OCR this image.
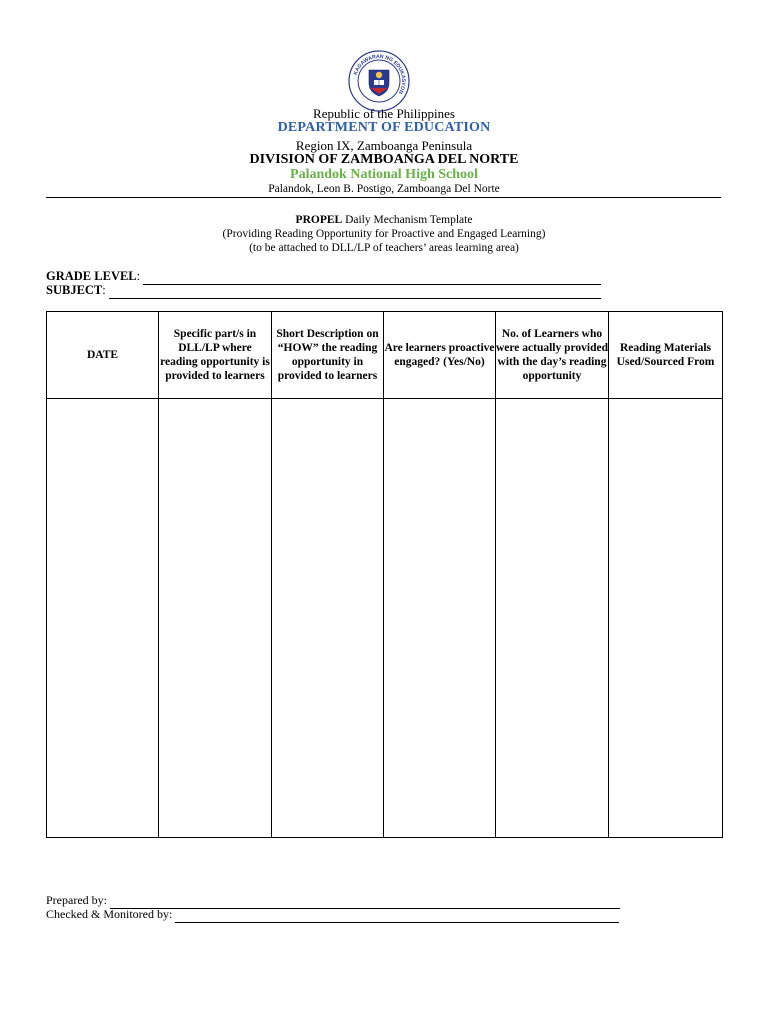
KAGAWARAN NG EDUKASYON
Republic of the Philippines
DEPARTMENT OF EDUCATION
Region IX, Zamboanga Peninsula
DIVISION OF ZAMBOANGA DEL NORTE
Palandok National High School
Palandok, Leon B. Postigo, Zamboanga Del Norte
PROPEL Daily Mechanism Template
(Providing Reading Opportunity for Proactive and Engaged Learning)
(to be attached to DLL/LP of teachers’ areas learning area)
GRADE LEVEL:
SUBJECT:
DATE	Specific part/s in DLL/LP where reading opportunity is provided to learners	Short Description on “HOW” the reading opportunity in provided to learners	Are learners proactive engaged? (Yes/No)	No. of Learners who were actually provided with the day’s reading opportunity	Reading Materials Used/Sourced From

Prepared by:
Checked & Monitored by:
